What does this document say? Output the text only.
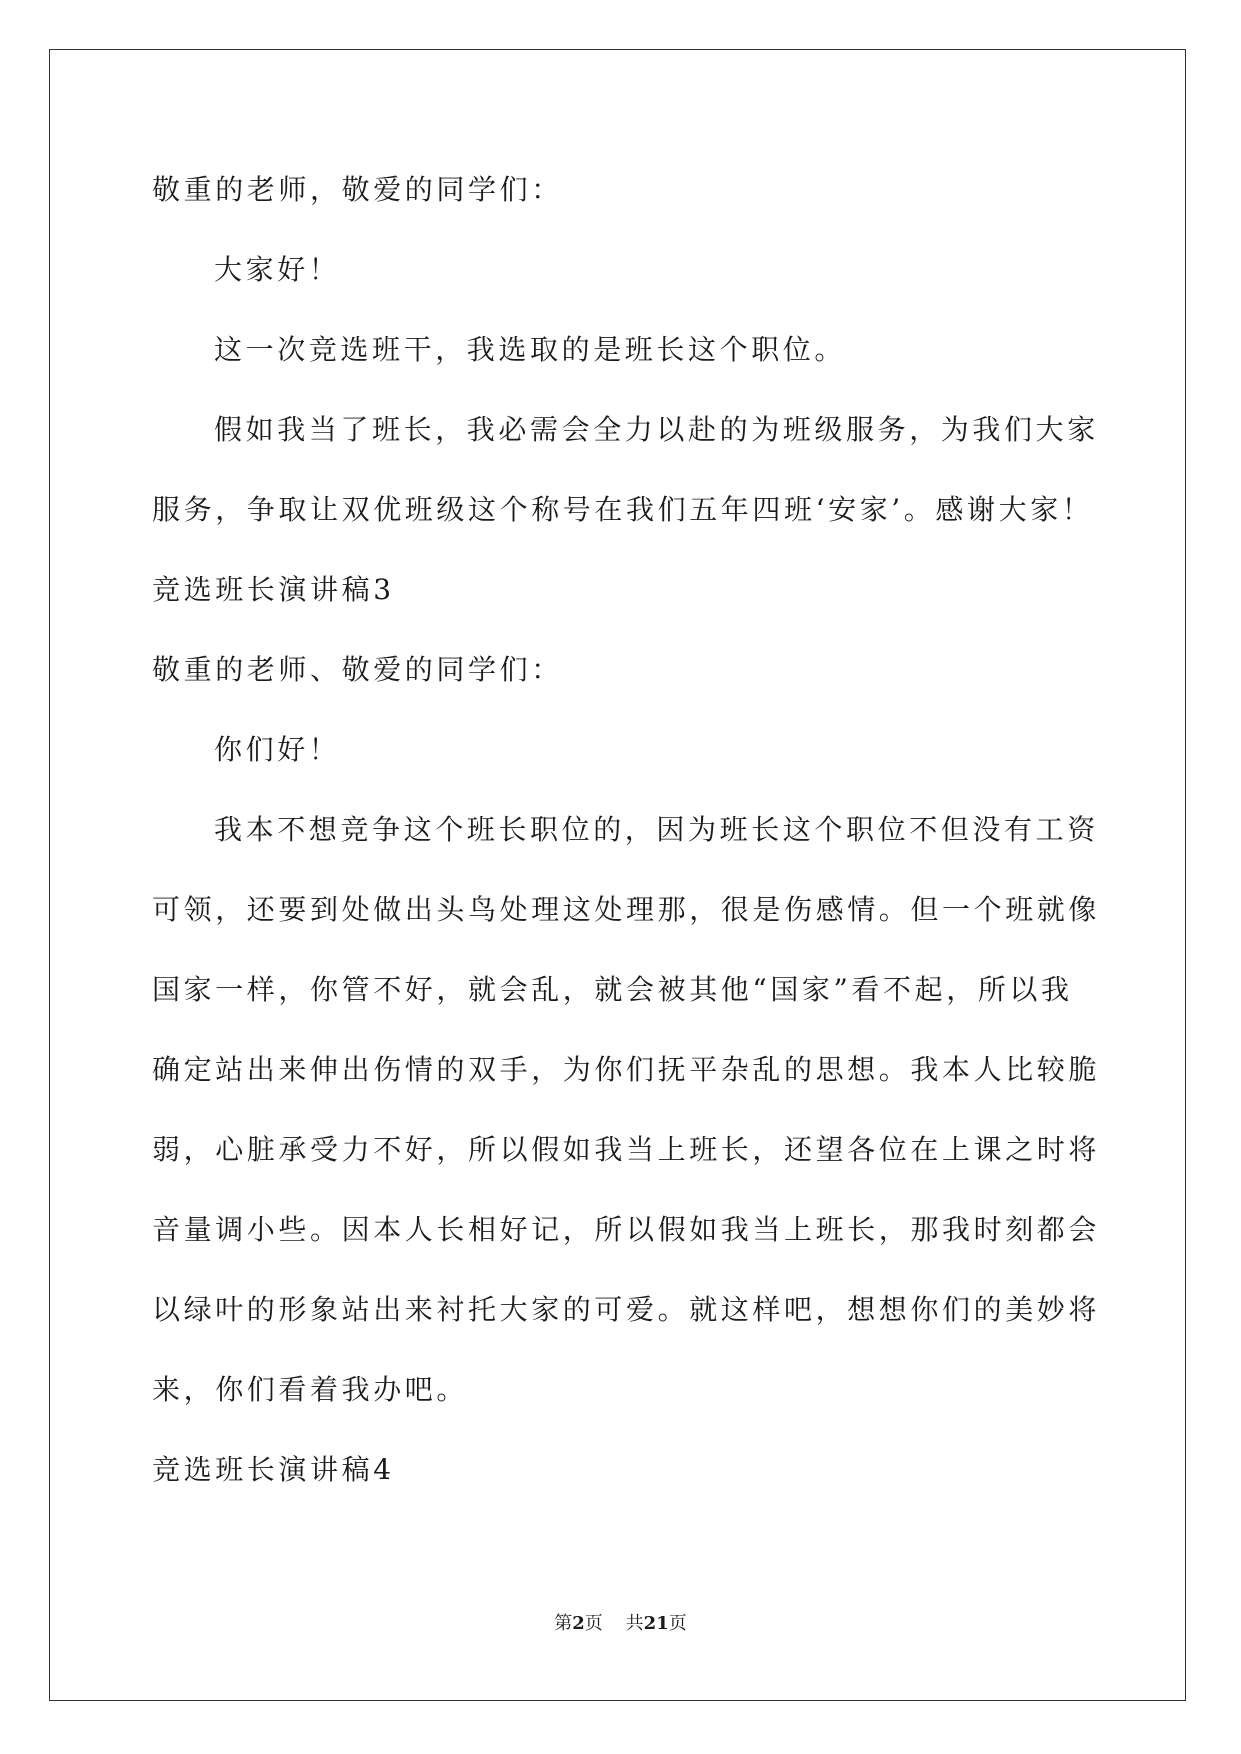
敬重的老师，敬爱的同学们：
大家好！
这一次竞选班干，我选取的是班长这个职位。
假如我当了班长，我必需会全力以赴的为班级服务，为我们大家
服务，争取让双优班级这个称号在我们五年四班‘安家’。感谢大家！
竞选班长演讲稿3
敬重的老师、敬爱的同学们：
你们好！
我本不想竞争这个班长职位的，因为班长这个职位不但没有工资
可领，还要到处做出头鸟处理这处理那，很是伤感情。但一个班就像
国家一样，你管不好，就会乱，就会被其他“国家”看不起，所以我
确定站出来伸出伤情的双手，为你们抚平杂乱的思想。我本人比较脆
弱，心脏承受力不好，所以假如我当上班长，还望各位在上课之时将
音量调小些。因本人长相好记，所以假如我当上班长，那我时刻都会
以绿叶的形象站出来衬托大家的可爱。就这样吧，想想你们的美妙将
来，你们看着我办吧。
竞选班长演讲稿4
第2页 共21页
